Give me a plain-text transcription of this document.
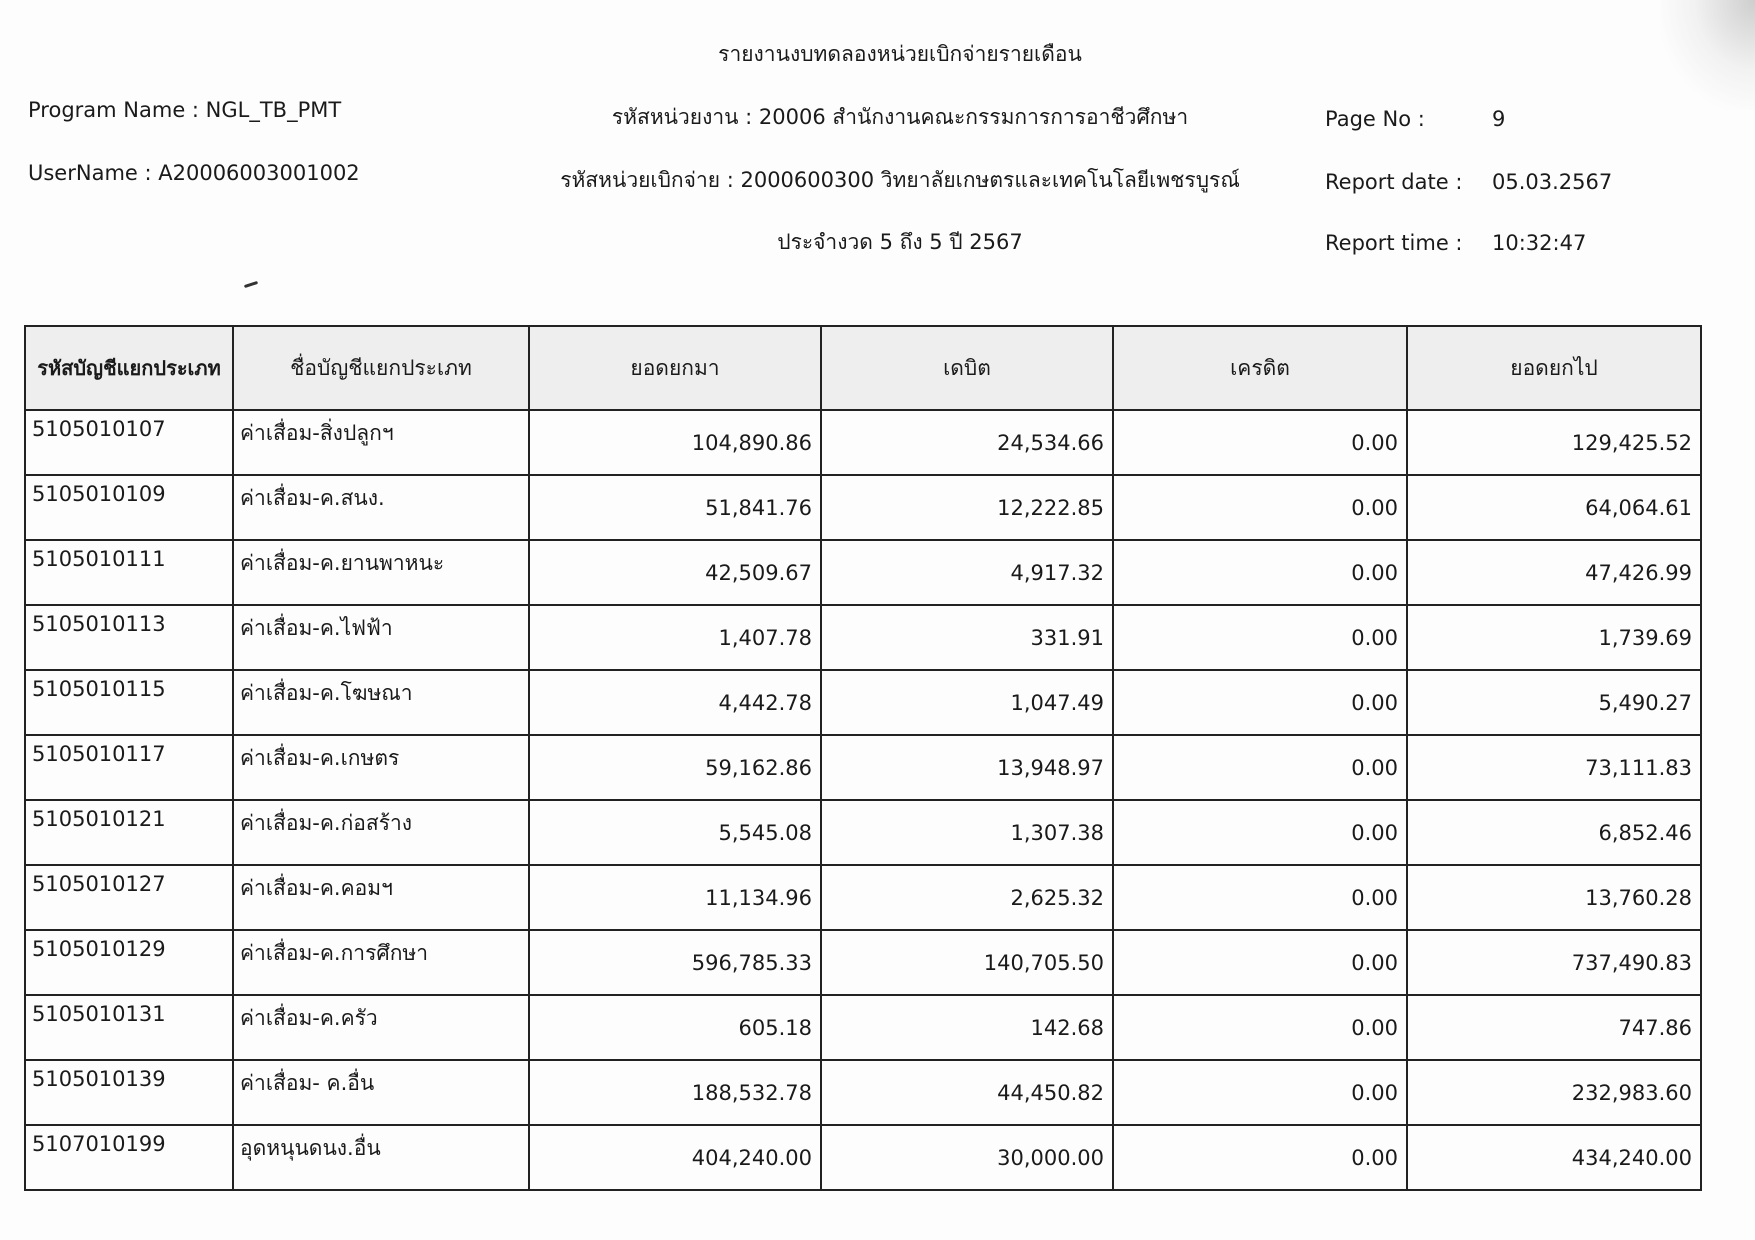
รายงานงบทดลองหน่วยเบิกจ่ายรายเดือน
Program Name : NGL_TB_PMT	รหัสหน่วยงาน : 20006 สำนักงานคณะกรรมการการอาชีวศึกษา	Page No :	9
UserName : A20006003001002	รหัสหน่วยเบิกจ่าย : 2000600300 วิทยาลัยเกษตรและเทคโนโลยีเพชรบูรณ์	Report date : 05.03.2567
ประจำงวด 5 ถึง 5 ปี 2567	Report time : 10:32:47
รหัสบัญชีแยกประเภท	ชื่อบัญชีแยกประเภท	ยอดยกมา	เดบิต	เครดิต	ยอดยกไป
5105010107	ค่าเสื่อม-สิ่งปลูกฯ	104,890.86	24,534.66	0.00	129,425.52
5105010109	ค่าเสื่อม-ค.สนง.	51,841.76	12,222.85	0.00	64,064.61
5105010111	ค่าเสื่อม-ค.ยานพาหนะ	42,509.67	4,917.32	0.00	47,426.99
5105010113	ค่าเสื่อม-ค.ไฟฟ้า	1,407.78	331.91	0.00	1,739.69
5105010115	ค่าเสื่อม-ค.โฆษณา	4,442.78	1,047.49	0.00	5,490.27
5105010117	ค่าเสื่อม-ค.เกษตร	59,162.86	13,948.97	0.00	73,111.83
5105010121	ค่าเสื่อม-ค.ก่อสร้าง	5,545.08	1,307.38	0.00	6,852.46
5105010127	ค่าเสื่อม-ค.คอมฯ	11,134.96	2,625.32	0.00	13,760.28
5105010129	ค่าเสื่อม-ค.การศึกษา	596,785.33	140,705.50	0.00	737,490.83
5105010131	ค่าเสื่อม-ค.ครัว	605.18	142.68	0.00	747.86
5105010139	ค่าเสื่อม- ค.อื่น	188,532.78	44,450.82	0.00	232,983.60
5107010199	อุดหนุนดนง.อื่น	404,240.00	30,000.00	0.00	434,240.00
